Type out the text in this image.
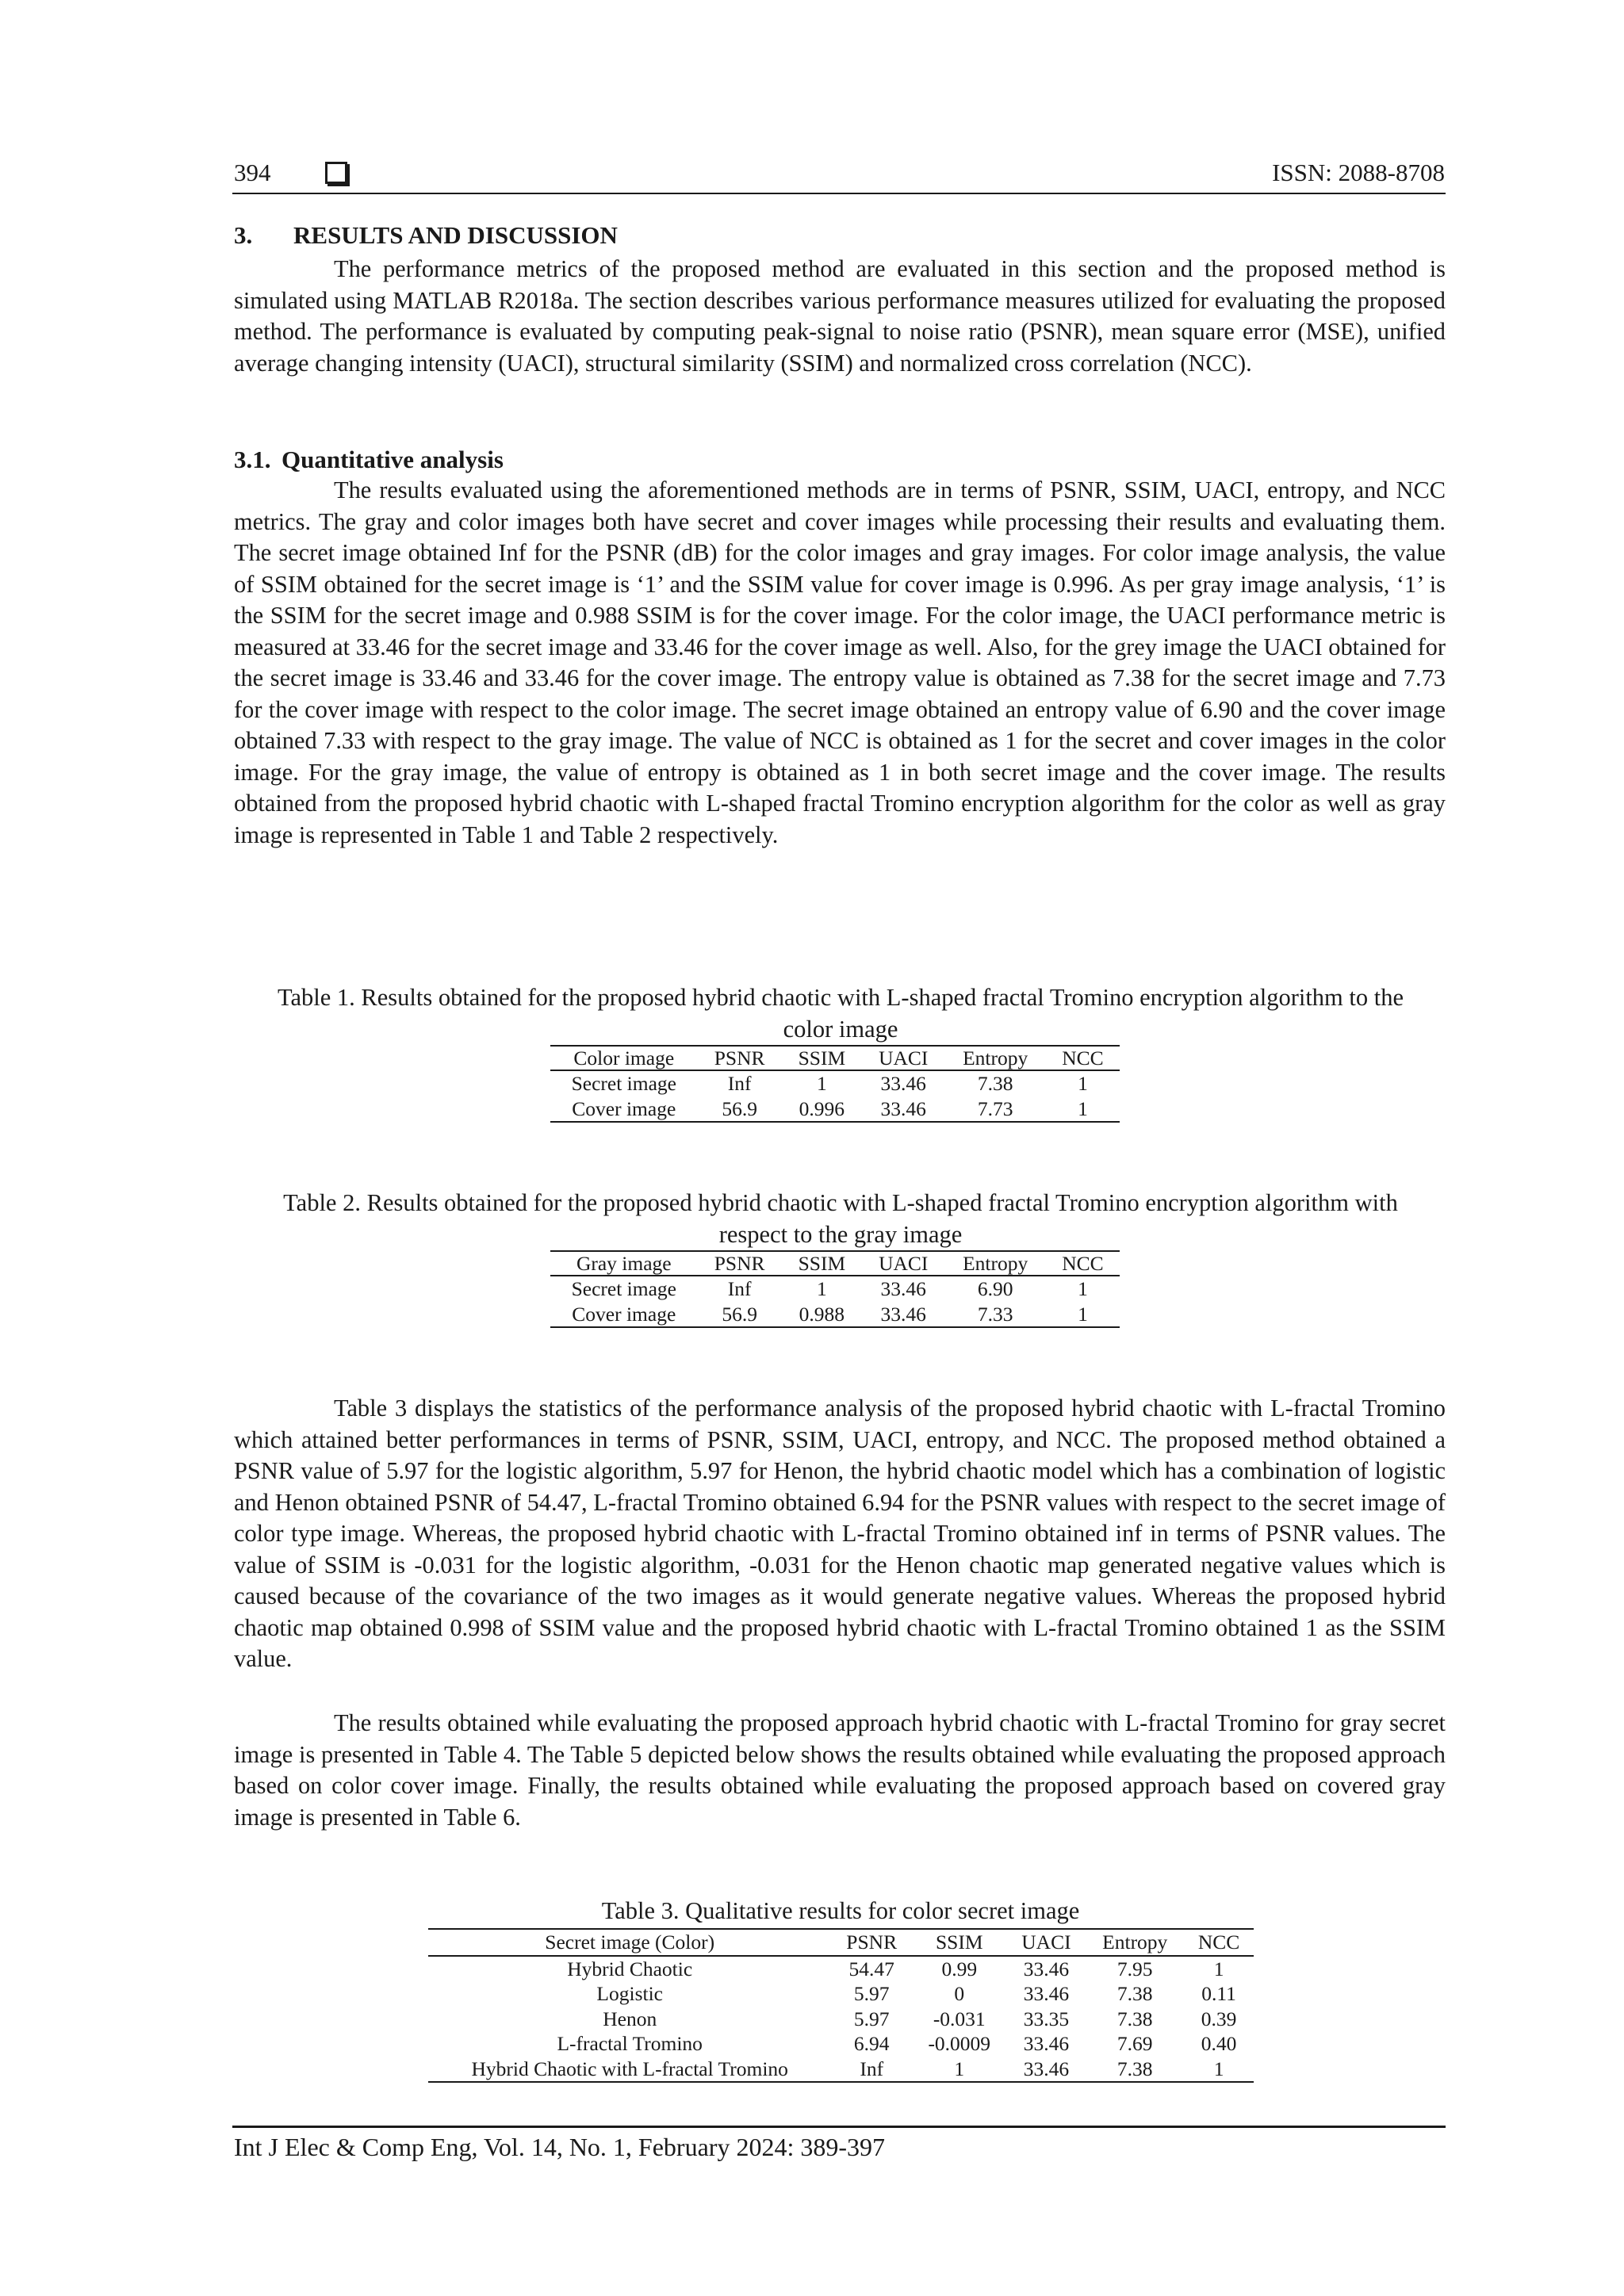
394	ISSN: 2088-8708
3. RESULTS AND DISCUSSION

The performance metrics of the proposed method are evaluated in this section and the proposed method is simulated using MATLAB R2018a. The section describes various performance measures utilized for evaluating the proposed method. The performance is evaluated by computing peak-signal to noise ratio (PSNR), mean square error (MSE), unified average changing intensity (UACI), structural similarity (SSIM) and normalized cross correlation (NCC).

3.1. Quantitative analysis

The results evaluated using the aforementioned methods are in terms of PSNR, SSIM, UACI, entropy, and NCC metrics. The gray and color images both have secret and cover images while processing their results and evaluating them. The secret image obtained Inf for the PSNR (dB) for the color images and gray images. For color image analysis, the value of SSIM obtained for the secret image is ‘1’ and the SSIM value for cover image is 0.996. As per gray image analysis, ‘1’ is the SSIM for the secret image and 0.988 SSIM is for the cover image. For the color image, the UACI performance metric is measured at 33.46 for the secret image and 33.46 for the cover image as well. Also, for the grey image the UACI obtained for the secret image is 33.46 and 33.46 for the cover image. The entropy value is obtained as 7.38 for the secret image and 7.73 for the cover image with respect to the color image. The secret image obtained an entropy value of 6.90 and the cover image obtained 7.33 with respect to the gray image. The value of NCC is obtained as 1 for the secret and cover images in the color image. For the gray image, the value of entropy is obtained as 1 in both secret image and the cover image. The results obtained from the proposed hybrid chaotic with L-shaped fractal Tromino encryption algorithm for the color as well as gray image is represented in Table 1 and Table 2 respectively.

Table 1. Results obtained for the proposed hybrid chaotic with L-shaped fractal Tromino encryption algorithm to the color image

Color image	PSNR	SSIM	UACI	Entropy	NCC
Secret image	Inf	1	33.46	7.38	1
Cover image	56.9	0.996	33.46	7.73	1

Table 2. Results obtained for the proposed hybrid chaotic with L-shaped fractal Tromino encryption algorithm with respect to the gray image

Gray image	PSNR	SSIM	UACI	Entropy	NCC
Secret image	Inf	1	33.46	6.90	1
Cover image	56.9	0.988	33.46	7.33	1

Table 3 displays the statistics of the performance analysis of the proposed hybrid chaotic with L-fractal Tromino which attained better performances in terms of PSNR, SSIM, UACI, entropy, and NCC. The proposed method obtained a PSNR value of 5.97 for the logistic algorithm, 5.97 for Henon, the hybrid chaotic model which has a combination of logistic and Henon obtained PSNR of 54.47, L-fractal Tromino obtained 6.94 for the PSNR values with respect to the secret image of color type image. Whereas, the proposed hybrid chaotic with L-fractal Tromino obtained inf in terms of PSNR values. The value of SSIM is -0.031 for the logistic algorithm, -0.031 for the Henon chaotic map generated negative values which is caused because of the covariance of the two images as it would generate negative values. Whereas the proposed hybrid chaotic map obtained 0.998 of SSIM value and the proposed hybrid chaotic with L-fractal Tromino obtained 1 as the SSIM value.

The results obtained while evaluating the proposed approach hybrid chaotic with L-fractal Tromino for gray secret image is presented in Table 4. The Table 5 depicted below shows the results obtained while evaluating the proposed approach based on color cover image. Finally, the results obtained while evaluating the proposed approach based on covered gray image is presented in Table 6.

Table 3. Qualitative results for color secret image

Secret image (Color)	PSNR	SSIM	UACI	Entropy	NCC
Hybrid Chaotic	54.47	0.99	33.46	7.95	1
Logistic	5.97	0	33.46	7.38	0.11
Henon	5.97	-0.031	33.35	7.38	0.39
L-fractal Tromino	6.94	-0.0009	33.46	7.69	0.40
Hybrid Chaotic with L-fractal Tromino	Inf	1	33.46	7.38	1
Int J Elec & Comp Eng, Vol. 14, No. 1, February 2024: 389-397
